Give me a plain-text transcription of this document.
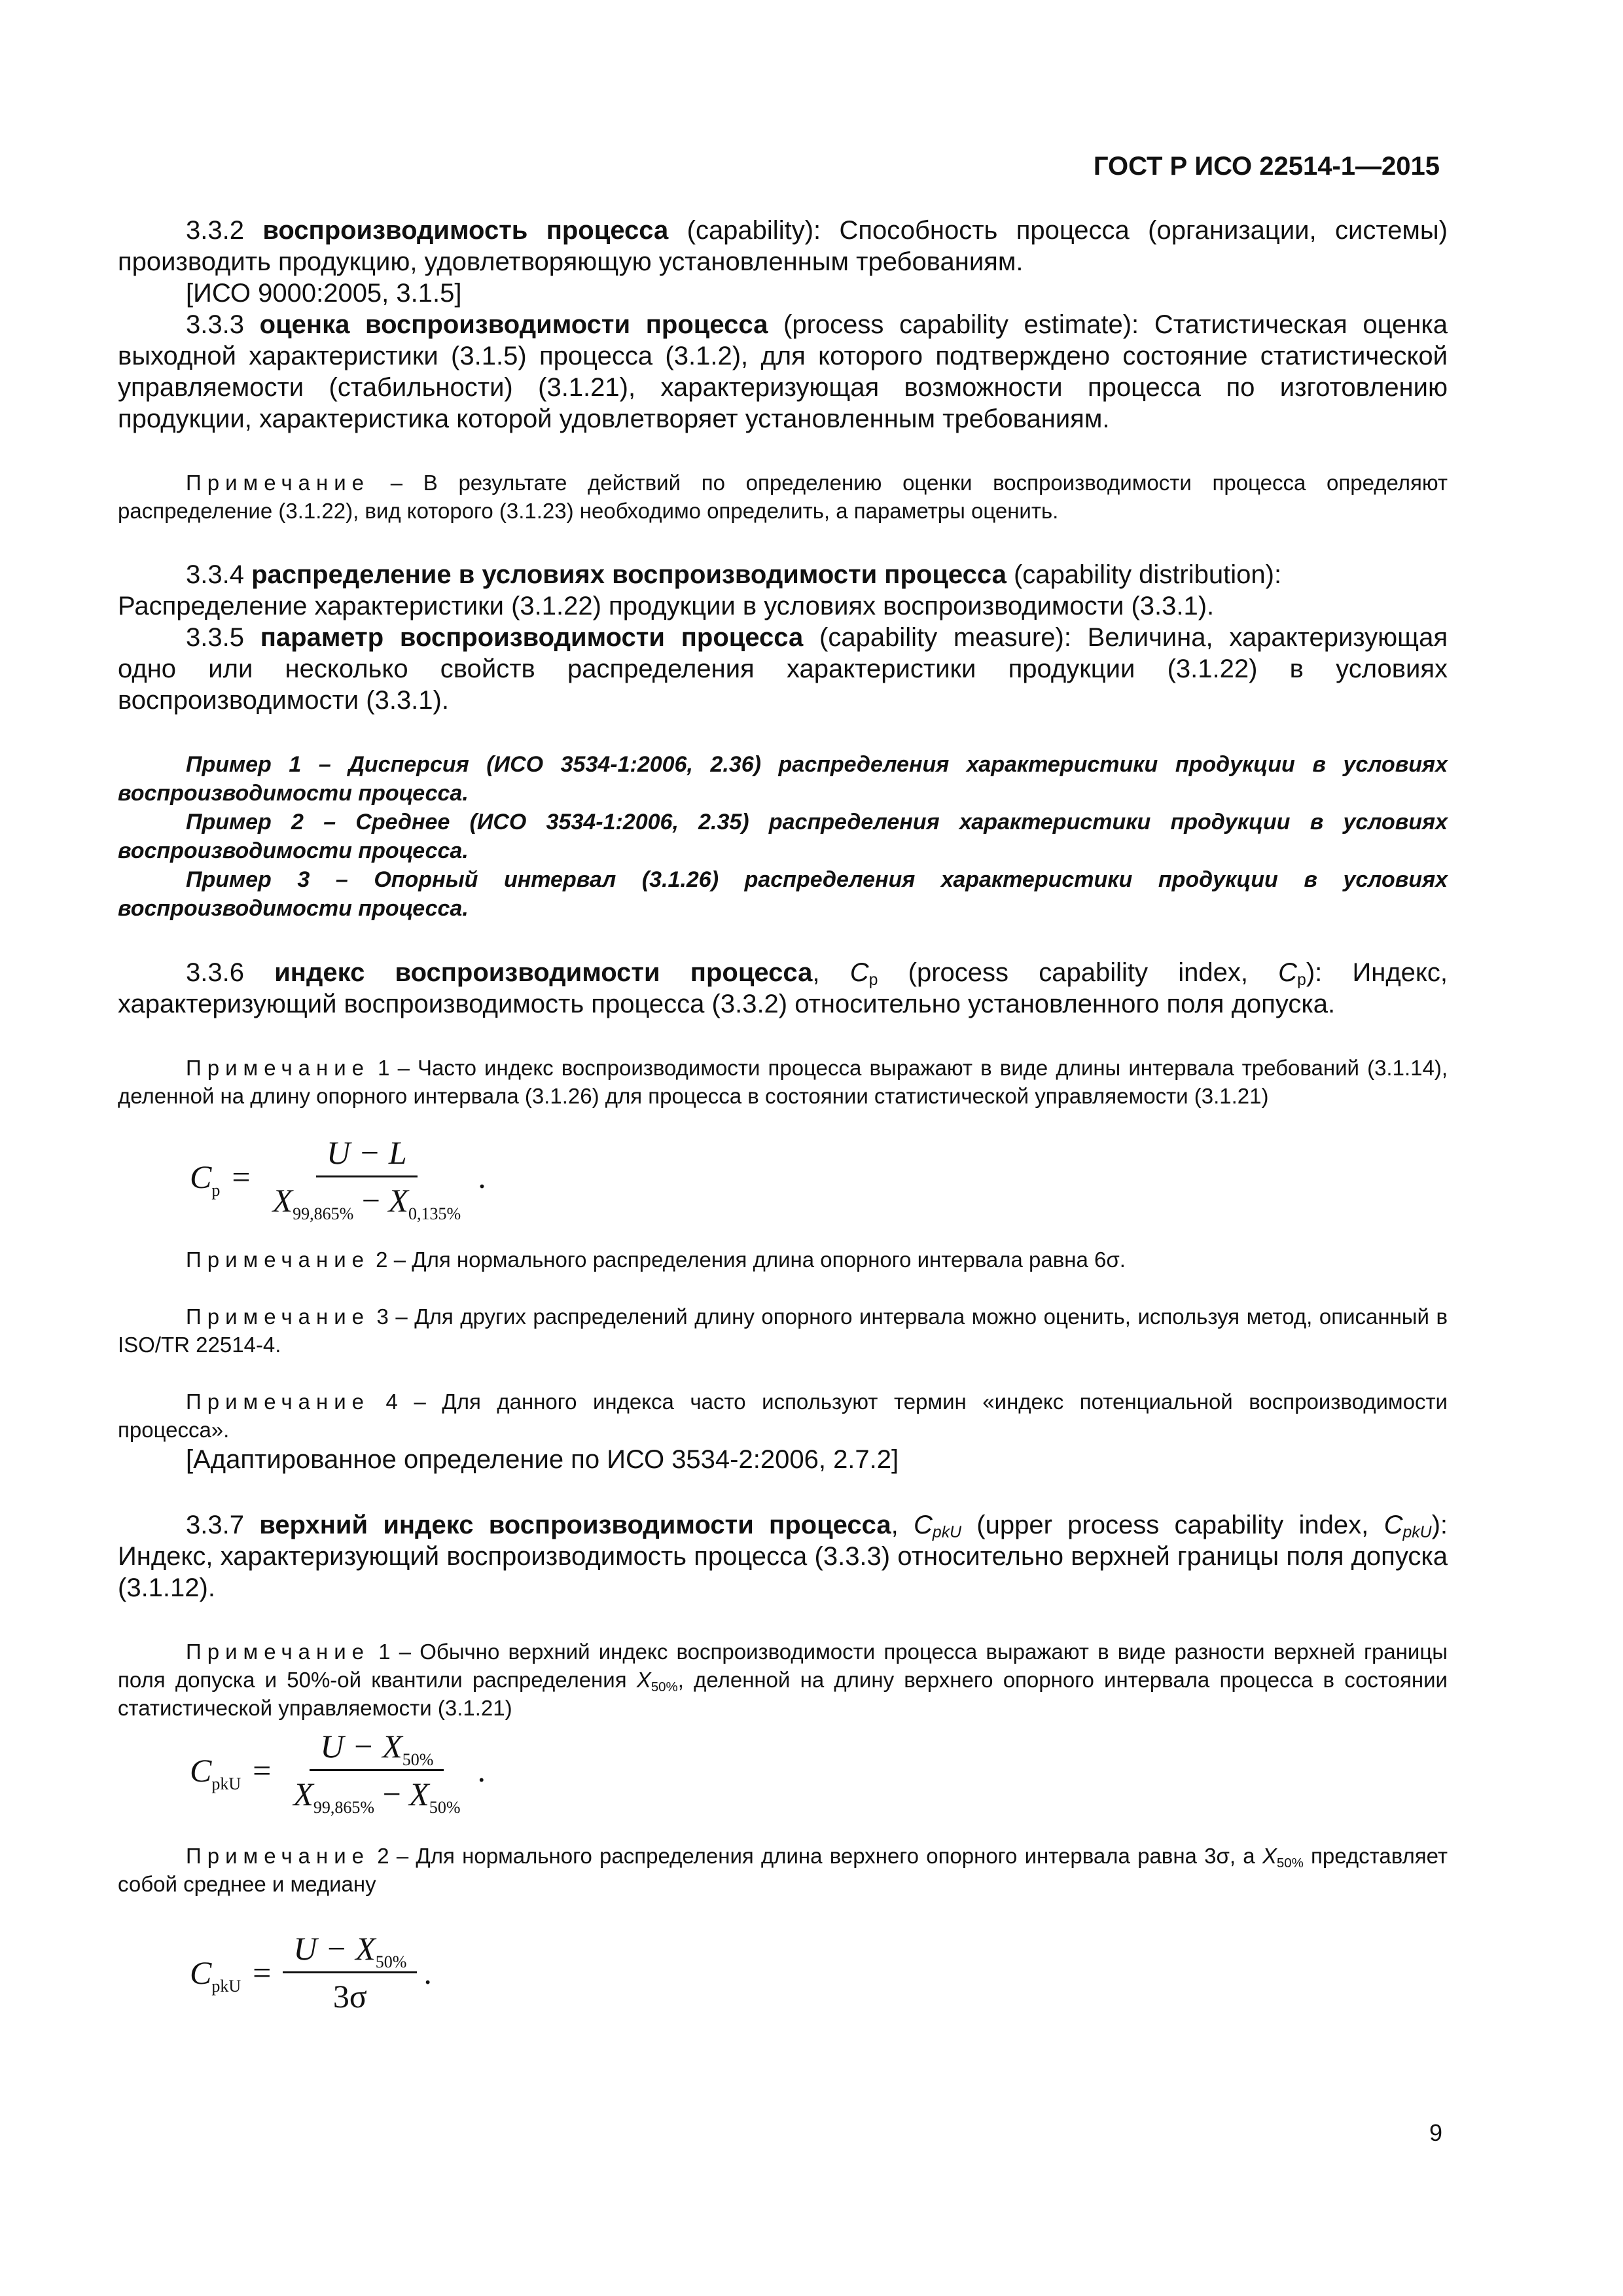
ГОСТ Р ИСО 22514-1—2015

3.3.2 воспроизводимость процесса (capability): Способность процесса (организации, системы) производить продукцию, удовлетворяющую установленным требованиям.

[ИСО 9000:2005, 3.1.5]

3.3.3 оценка воспроизводимости процесса (process capability estimate): Статистическая оценка выходной характеристики (3.1.5) процесса (3.1.2), для которого подтверждено состояние статистической управляемости (стабильности) (3.1.21), характеризующая возможности процесса по изготовлению продукции, характеристика которой удовлетворяет установленным требованиям.

Примечание – В результате действий по определению оценки воспроизводимости процесса определяют распределение (3.1.22), вид которого (3.1.23) необходимо определить, а параметры оценить.

3.3.4 распределение в условиях воспроизводимости процесса (capability distribution):
Распределение характеристики (3.1.22) продукции в условиях воспроизводимости (3.3.1).

3.3.5 параметр воспроизводимости процесса (capability measure): Величина, характеризующая одно или несколько свойств распределения характеристики продукции (3.1.22) в условиях воспроизводимости (3.3.1).

Пример 1 – Дисперсия (ИСО 3534-1:2006, 2.36) распределения характеристики продукции в условиях воспроизводимости процесса.

Пример 2 – Среднее (ИСО 3534-1:2006, 2.35) распределения характеристики продукции в условиях воспроизводимости процесса.

Пример 3 – Опорный интервал (3.1.26) распределения характеристики продукции в условиях воспроизводимости процесса.

3.3.6 индекс воспроизводимости процесса, $C_p$ (process capability index, $C_p$): Индекс, характеризующий воспроизводимость процесса (3.3.2) относительно установленного поля допуска.

Примечание 1 – Часто индекс воспроизводимости процесса выражают в виде длины интервала требований (3.1.14), деленной на длину опорного интервала (3.1.26) для процесса в состоянии статистической управляемости (3.1.21)

$C_p = \frac{U - L}{X_{99,865\%} - X_{0,135\%}}$ .

Примечание 2 – Для нормального распределения длина опорного интервала равна 6σ.

Примечание 3 – Для других распределений длину опорного интервала можно оценить, используя метод, описанный в ISO/TR 22514-4.

Примечание 4 – Для данного индекса часто используют термин «индекс потенциальной воспроизводимости процесса».

[Адаптированное определение по ИСО 3534-2:2006, 2.7.2]

3.3.7 верхний индекс воспроизводимости процесса, $C_{pkU}$ (upper process capability index, $C_{pkU}$): Индекс, характеризующий воспроизводимость процесса (3.3.3) относительно верхней границы поля допуска (3.1.12).

Примечание 1 – Обычно верхний индекс воспроизводимости процесса выражают в виде разности верхней границы поля допуска и 50%-ой квантили распределения $X_{50\%}$, деленной на длину верхнего опорного интервала процесса в состоянии статистической управляемости (3.1.21)

$C_{pkU} = \frac{U - X_{50\%}}{X_{99,865\%} - X_{50\%}}$ .

Примечание 2 – Для нормального распределения длина верхнего опорного интервала равна 3σ, а $X_{50\%}$ представляет собой среднее и медиану

$C_{pkU} = \frac{U - X_{50\%}}{3\sigma}$ .
9
